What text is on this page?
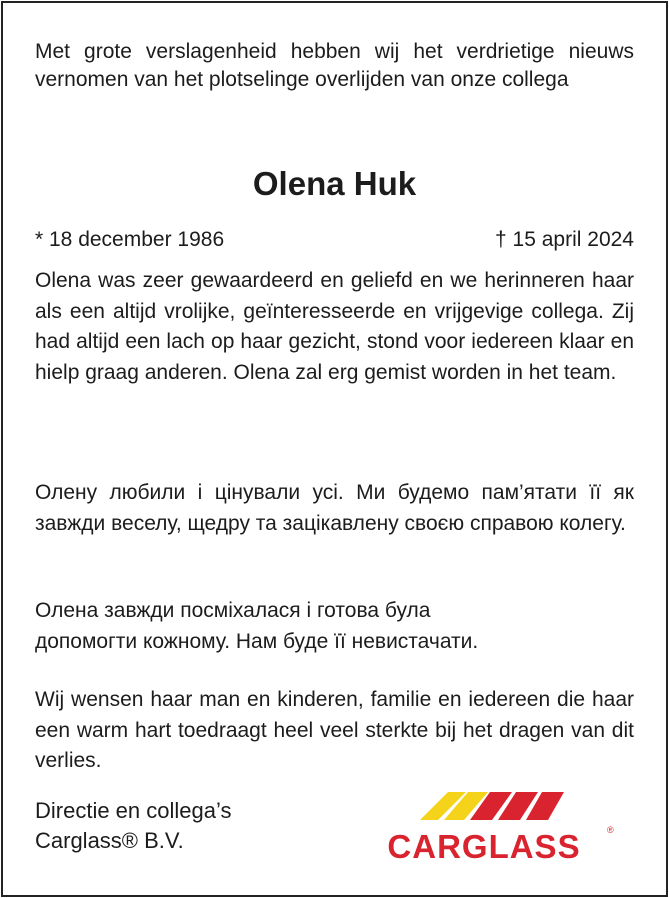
Met grote verslagenheid hebben wij het verdrietige nieuws vernomen van het plotselinge overlijden van onze collega

Olena Huk
* 18 december 1986	† 15 april 2024

Olena was zeer gewaardeerd en geliefd en we herinneren haar als een altijd vrolijke, geïnteresseerde en vrijgevige collega. Zij had altijd een lach op haar gezicht, stond voor iedereen klaar en hielp graag anderen. Olena zal erg gemist worden in het team.

Олену любили і цінували усі. Ми будемо пам’ятати її як завжди веселу, щедру та зацікавлену своєю справою колегу.

Олена завжди посміхалася і готова була допомогти кожному. Нам буде її невистачати.

Wij wensen haar man en kinderen, familie en iedereen die haar een warm hart toedraagt heel veel sterkte bij het dragen van dit verlies.

Directie en collega’s
Carglass® B.V.	CARGLASS	®
